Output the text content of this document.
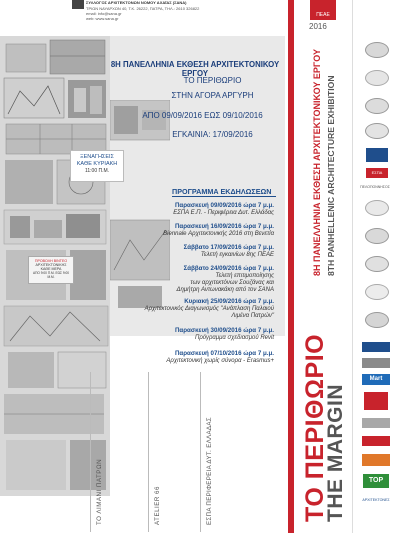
ΣΥΛΛΟΓΟΣ ΑΡΧΙΤΕΚΤΟΝΩΝ ΝΟΜΟΥ ΑΧΑΪΑΣ (ΣΑΝΑ)
ΤΡΙΩΝ ΝΑΥΑΡΧΩΝ 40, Τ.Κ. 26222, ΠΑΤΡΑ, ΤΗΛ.: 2610 326822
email: info@sana.gr
web: www.sana.gr
8Η ΠΑΝΕΛΛΗΝΙΑ ΕΚΘΕΣΗ ΑΡΧΙΤΕΚΤΟΝΙΚΟΥ ΕΡΓΟΥ
ΤΟ ΠΕΡΙΘΩΡΙΟ
ΣΤΗΝ ΑΓΟΡΑ ΑΡΓΥΡΗ
ΑΠΟ 09/09/2016 ΕΩΣ 09/10/2016
ΕΓΚΑΙΝΙΑ: 17/09/2016
ΞΕΝΑΓΗΣΕΙΣ
ΚΑΘΕ ΚΥΡΙΑΚΗ
11:00 Π.Μ.
ΠΡΟΒΟΛΗ ΒΙΝΤΕΟ
ΑΡΧΙΤΕΚΤΟΝΙΚΗΣ
ΚΑΘΕ ΜΕΡΑ
ΑΠΟ 9:00 Π.Μ. ΕΩΣ 9:00 Μ.Μ.
ΠΡΟΓΡΑΜΜΑ ΕΚΔΗΛΩΣΕΩΝ
Παρασκευή 09/09/2016 ώρα 7 μ.μ.
ΕΣΠΑ Ε.Π. - Περιφέρεια Δυτ. Ελλάδας
Παρασκευή 16/09/2016 ώρα 7 μ.μ.
Biennale Αρχιτεκτονικής 2016 στη Βενετία
Σάββατο 17/09/2016 ώρα 7 μ.μ.
Τελετή εγκαινίων 8ης ΠΕΑΕ
Σάββατο 24/09/2016 ώρα 7 μ.μ.
Τελετή επιτιμοποίησης
των αρχιτεκτόνων Σουζάνας και
Δημήτρη Αντωνακάκη από τον ΣΑΝΑ
Κυριακή 25/09/2016 ώρα 7 μ.μ.
Αρχιτεκτονικός Διαγωνισμός "Ανάπλαση Παλαιού
Λιμένα Πατρών"
Παρασκευή 30/09/2016 ώρα 7 μ.μ.
Πρόγραμμα σχεδιασμού Revit
Παρασκευή 07/10/2016 ώρα 7 μ.μ.
Αρχιτεκτονική χωρίς σύνορα - Erasmus+
ΤΟ ΛΙΜΑΝΙ ΠΑΤΡΩΝ	ATELIER 66	ΕΣΠΑ ΠΕΡΙΦΕΡΕΙΑ ΔΥΤ. ΕΛΛΑΔΑΣ	ΤΟ ΠΕΡΙΘΩΡΙΟ
THE MARGIN
8Η ΠΑΝΕΛΛΗΝΙΑ ΕΚΘΕΣΗ ΑΡΧΙΤΕΚΤΟΝΙΚΟΥ ΕΡΓΟΥ 8TH PANHELLENIC ARCHITECTURE EXHIBITION
ΠΕΑΕ
2016
ΕΣΠΑ
ΠΕΛΟΠΟΝΝΗΣΟΣ
Mart
TOP
ΑΡΧΙΤΕΚΤΟΝΕΣ
